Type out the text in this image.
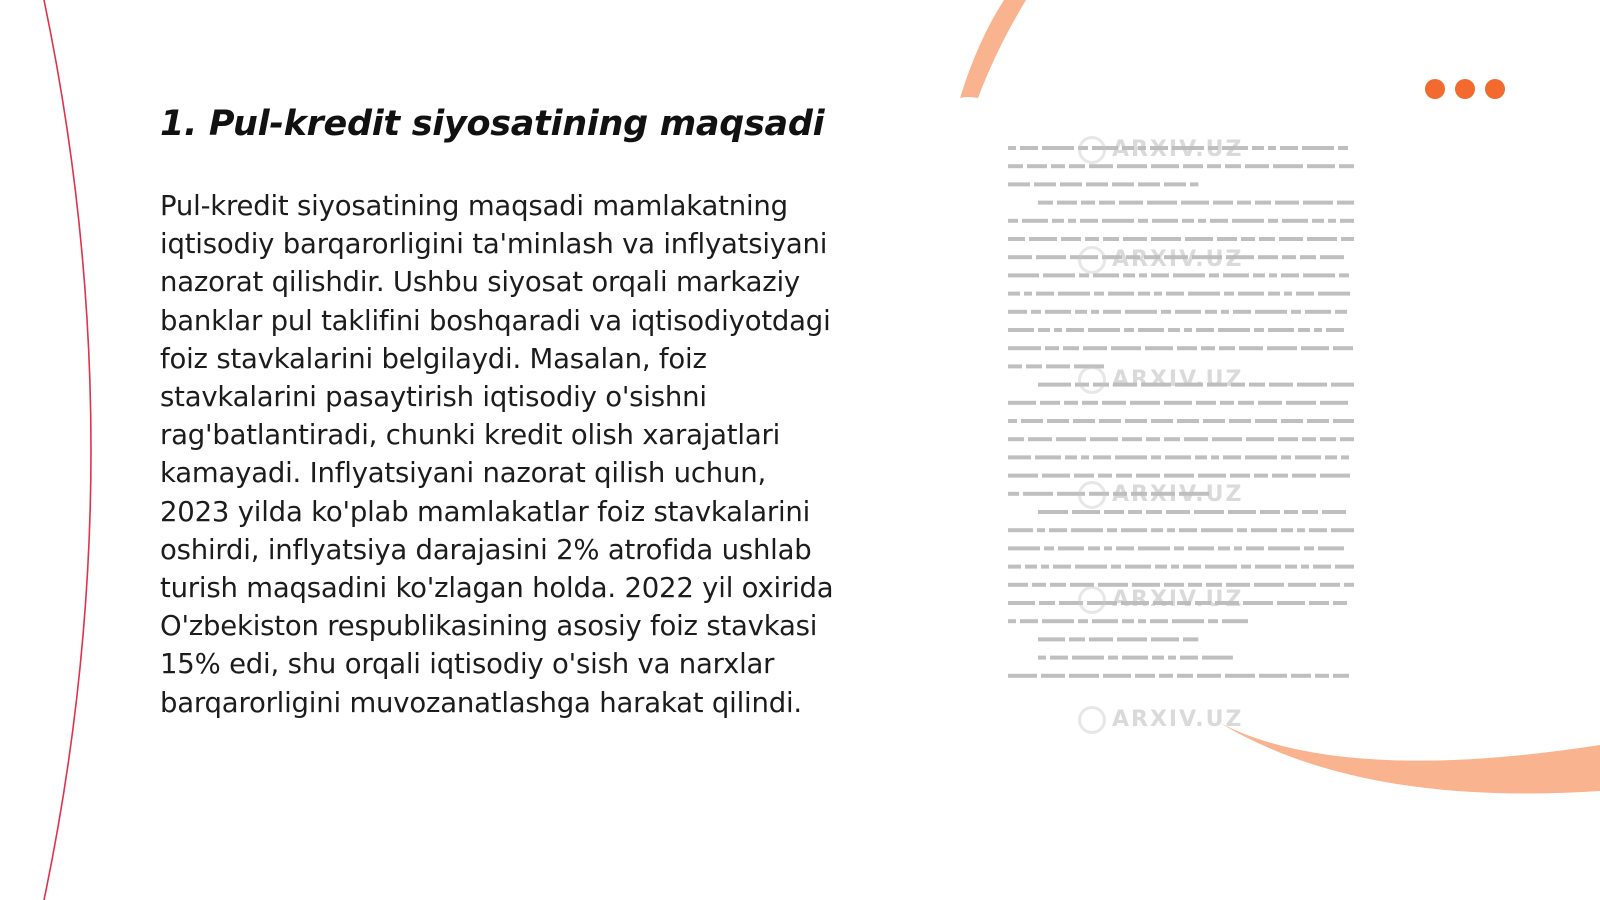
1. Pul-kredit siyosatining maqsadi

Pul-kredit siyosatining maqsadi mamlakatning iqtisodiy barqarorligini ta'minlash va inflyatsiyani nazorat qilishdir. Ushbu siyosat orqali markaziy banklar pul taklifini boshqaradi va iqtisodiyotdagi foiz stavkalarini belgilaydi. Masalan, foiz stavkalarini pasaytirish iqtisodiy o'sishni rag'batlantiradi, chunki kredit olish xarajatlari kamayadi. Inflyatsiyani nazorat qilish uchun, 2023 yilda ko'plab mamlakatlar foiz stavkalarini oshirdi, inflyatsiya darajasini 2% atrofida ushlab turish maqsadini ko'zlagan holda. 2022 yil oxirida O'zbekiston respublikasining asosiy foiz stavkasi 15% edi, shu orqali iqtisodiy o'sish va narxlar barqarorligini muvozanatlashga harakat qilindi.

ARXIV.UZ
ARXIV.UZ
ARXIV.UZ
ARXIV.UZ
ARXIV.UZ
ARXIV.UZ
